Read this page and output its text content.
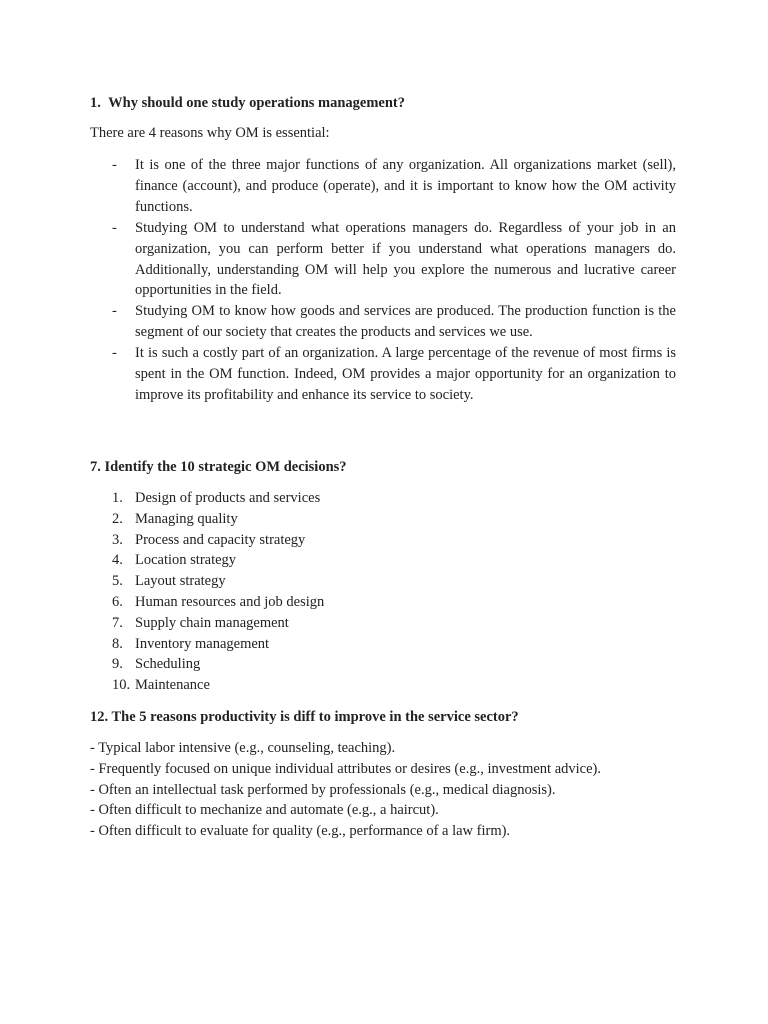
1.  Why should one study operations management?
There are 4 reasons why OM is essential:
- It is one of the three major functions of any organization. All organizations market (sell), finance (account), and produce (operate), and it is important to know how the OM activity functions.
- Studying OM to understand what operations managers do. Regardless of your job in an organization, you can perform better if you understand what operations managers do. Additionally, understanding OM will help you explore the numerous and lucrative career opportunities in the field.
- Studying OM to know how goods and services are produced. The production function is the segment of our society that creates the products and services we use.
- It is such a costly part of an organization. A large percentage of the revenue of most firms is spent in the OM function. Indeed, OM provides a major opportunity for an organization to improve its profitability and enhance its service to society.
7. Identify the 10 strategic OM decisions?
1. Design of products and services
2. Managing quality
3. Process and capacity strategy
4. Location strategy
5. Layout strategy
6. Human resources and job design
7. Supply chain management
8. Inventory management
9. Scheduling
10. Maintenance
12. The 5 reasons productivity is diff to improve in the service sector?
- Typical labor intensive (e.g., counseling, teaching).
- Frequently focused on unique individual attributes or desires (e.g., investment advice).
- Often an intellectual task performed by professionals (e.g., medical diagnosis).
- Often difficult to mechanize and automate (e.g., a haircut).
- Often difficult to evaluate for quality (e.g., performance of a law firm).
